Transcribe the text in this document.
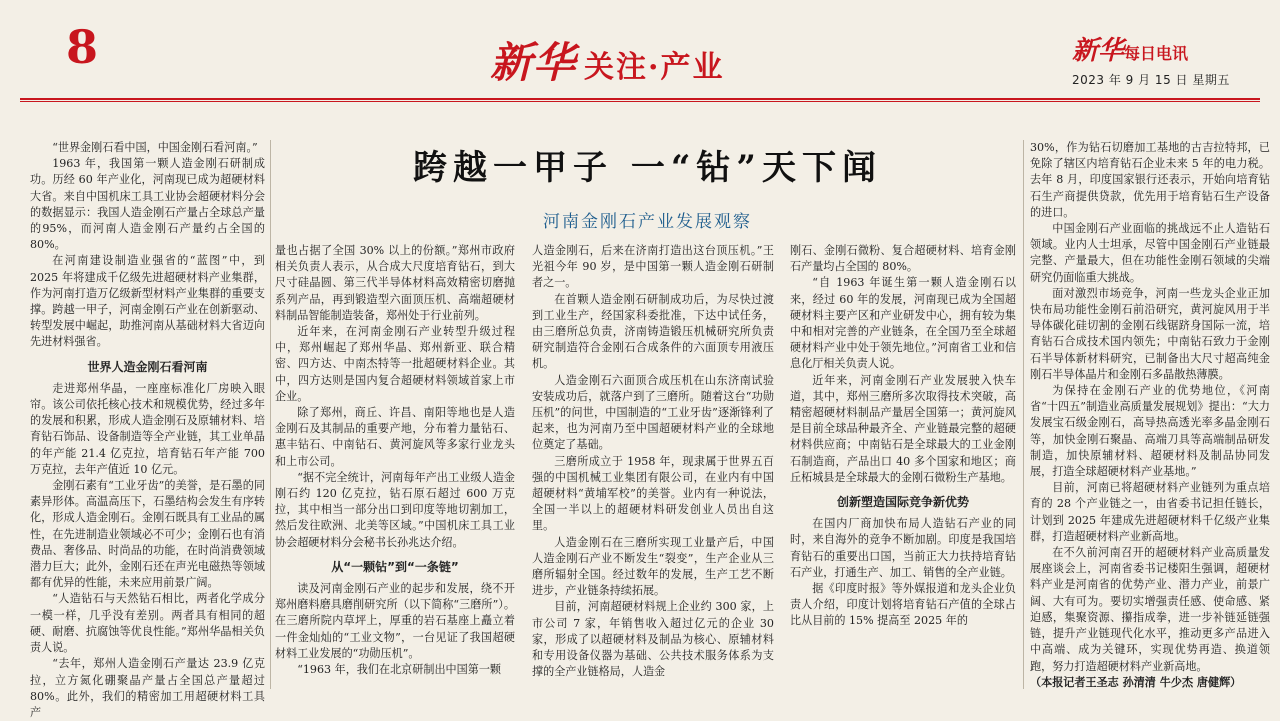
8	新华 关注·产业	新华每日电讯
2023 年 9 月 15 日 星期五
跨越一甲子 一“钻”天下闻
河南金刚石产业发展观察

“世界金刚石看中国，中国金刚石看河南。”

1963 年，我国第一颗人造金刚石研制成功。历经 60 年产业化，河南现已成为超硬材料大省。来自中国机床工具工业协会超硬材料分会的数据显示：我国人造金刚石产量占全球总产量的95%，而河南人造金刚石产量约占全国的 80%。

在河南建设制造业强省的“蓝图”中，到 2025 年将建成千亿级先进超硬材料产业集群，作为河南打造万亿级新型材料产业集群的重要支撑。跨越一甲子，河南金刚石产业在创新驱动、转型发展中崛起，助推河南从基础材料大省迈向先进材料强省。

世界人造金刚石看河南

走进郑州华晶，一座座标准化厂房映入眼帘。该公司依托核心技术和规模优势，经过多年的发展和积累，形成人造金刚石及原辅材料、培育钻石饰品、设备制造等全产业链，其工业单晶的年产能 21.4 亿克拉，培育钻石年产能 700 万克拉，去年产值近 10 亿元。

金刚石素有“工业牙齿”的美誉，是石墨的同素异形体。高温高压下，石墨结构会发生有序转化，形成人造金刚石。金刚石既具有工业品的属性，在先进制造业领域必不可少；金刚石也有消费品、奢侈品、时尚品的功能，在时尚消费领域潜力巨大；此外，金刚石还在声光电磁热等领域都有优异的性能，未来应用前景广阔。

“人造钻石与天然钻石相比，两者化学成分一模一样，几乎没有差别。两者具有相同的超硬、耐磨、抗腐蚀等优良性能。”郑州华晶相关负责人说。

“去年，郑州人造金刚石产量达 23.9 亿克拉，立方氮化硼聚晶产量占全国总产量超过 80%。此外，我们的精密加工用超硬材料工具产

量也占据了全国 30% 以上的份额。”郑州市政府相关负责人表示，从合成大尺度培育钻石，到大尺寸硅晶圆、第三代半导体材料高效精密切磨抛系列产品，再到锻造型六面顶压机、高端超硬材料制品智能制造装备，郑州处于行业前列。

近年来，在河南金刚石产业转型升级过程中，郑州崛起了郑州华晶、郑州新亚、联合精密、四方达、中南杰特等一批超硬材料企业。其中，四方达则是国内复合超硬材料领域首家上市企业。

除了郑州，商丘、许昌、南阳等地也是人造金刚石及其制品的重要产地，分布着力量钻石、惠丰钻石、中南钻石、黄河旋风等多家行业龙头和上市公司。

“据不完全统计，河南每年产出工业级人造金刚石约 120 亿克拉，钻石原石超过 600 万克拉，其中相当一部分出口到印度等地切割加工，然后发往欧洲、北美等区域。”中国机床工具工业协会超硬材料分会秘书长孙兆达介绍。

从“一颗钻”到“一条链”

读及河南金刚石产业的起步和发展，绕不开郑州磨料磨具磨削研究所（以下简称“三磨所”）。在三磨所院内草坪上，厚重的岩石基座上矗立着一件金灿灿的“工业文物”，一台见证了我国超硬材料工业发展的“功勋压机”。

“1963 年，我们在北京研制出中国第一颗

人造金刚石，后来在济南打造出这台顶压机。”王光祖今年 90 岁，是中国第一颗人造金刚石研制者之一。

在首颗人造金刚石研制成功后，为尽快过渡到工业生产，经国家科委批准，下达中试任务，由三磨所总负责，济南铸造锻压机械研究所负责研究制造符合金刚石合成条件的六面顶专用液压机。

人造金刚石六面顶合成压机在山东济南试验安装成功后，就落户到了三磨所。随着这台“功勋压机”的问世，中国制造的“工业牙齿”逐渐锋利了起来，也为河南乃至中国超硬材料产业的全球地位奠定了基础。

三磨所成立于 1958 年，现隶属于世界五百强的中国机械工业集团有限公司，在业内有中国超硬材料“黄埔军校”的美誉。业内有一种说法，全国一半以上的超硬材料研发创业人员出自这里。

人造金刚石在三磨所实现工业量产后，中国人造金刚石产业不断发生“裂变”，生产企业从三磨所辐射全国。经过数年的发展，生产工艺不断进步，产业链条持续拓展。

目前，河南超硬材料规上企业约 300 家，上市公司 7 家，年销售收入超过亿元的企业 30 家，形成了以超硬材料及制品为核心、原辅材料和专用设备仪器为基础、公共技术服务体系为支撑的全产业链格局，人造金

刚石、金刚石微粉、复合超硬材料、培育金刚石产量均占全国的 80%。

“自 1963 年诞生第一颗人造金刚石以来，经过 60 年的发展，河南现已成为全国超硬材料主要产区和产业研发中心，拥有较为集中和相对完善的产业链条，在全国乃至全球超硬材料产业中处于领先地位。”河南省工业和信息化厅相关负责人说。

近年来，河南金刚石产业发展驶入快车道，其中，郑州三磨所多次取得技术突破，高精密超硬材料制品产量居全国第一；黄河旋风是目前全球品种最齐全、产业链最完整的超硬材料供应商；中南钻石是全球最大的工业金刚石制造商，产品出口 40 多个国家和地区；商丘柘城县是全球最大的金刚石微粉生产基地。

创新塑造国际竞争新优势

在国内厂商加快布局人造钻石产业的同时，来自海外的竞争不断加剧。印度是我国培育钻石的重要出口国，当前正大力扶持培育钻石产业，打通生产、加工、销售的全产业链。

据《印度时报》等外媒报道和龙头企业负责人介绍，印度计划将培育钻石产值的全球占比从目前的 15% 提高至 2025 年的

30%，作为钻石切磨加工基地的古吉拉特邦，已免除了辖区内培育钻石企业未来 5 年的电力税。去年 8 月，印度国家银行还表示，开始向培育钻石生产商提供贷款，优先用于培育钻石生产设备的进口。

中国金刚石产业面临的挑战远不止人造钻石领域。业内人士坦承，尽管中国金刚石产业链最完整、产量最大，但在功能性金刚石领域的尖端研究仍面临重大挑战。

面对激烈市场竞争，河南一些龙头企业正加快布局功能性金刚石前沿研究，黄河旋风用于半导体碳化硅切割的金刚石线锯跻身国际一流，培育钻石合成技术国内领先；中南钻石致力于金刚石半导体新材料研究，已制备出大尺寸超高纯金刚石半导体晶片和金刚石多晶散热薄膜。

为保持在金刚石产业的优势地位，《河南省“十四五”制造业高质量发展规划》提出：“大力发展宝石级金刚石，高导热高透光率多晶金刚石等，加快金刚石聚晶、高端刀具等高端制品研发制造，加快原辅材料、超硬材料及制品协同发展，打造全球超硬材料产业基地。”

目前，河南已将超硬材料产业链列为重点培育的 28 个产业链之一，由省委书记担任链长，计划到 2025 年建成先进超硬材料千亿级产业集群，打造超硬材料产业新高地。

在不久前河南召开的超硬材料产业高质量发展座谈会上，河南省委书记楼阳生强调，超硬材料产业是河南省的优势产业、潜力产业，前景广阔、大有可为。要切实增强责任感、使命感、紧迫感，集聚资源、攥指成拳，进一步补链延链强链，提升产业链现代化水平，推动更多产品进入中高端、成为关键环，实现优势再造、换道领跑，努力打造超硬材料产业新高地。

（本报记者王圣志 孙清清 牛少杰 唐健辉）
